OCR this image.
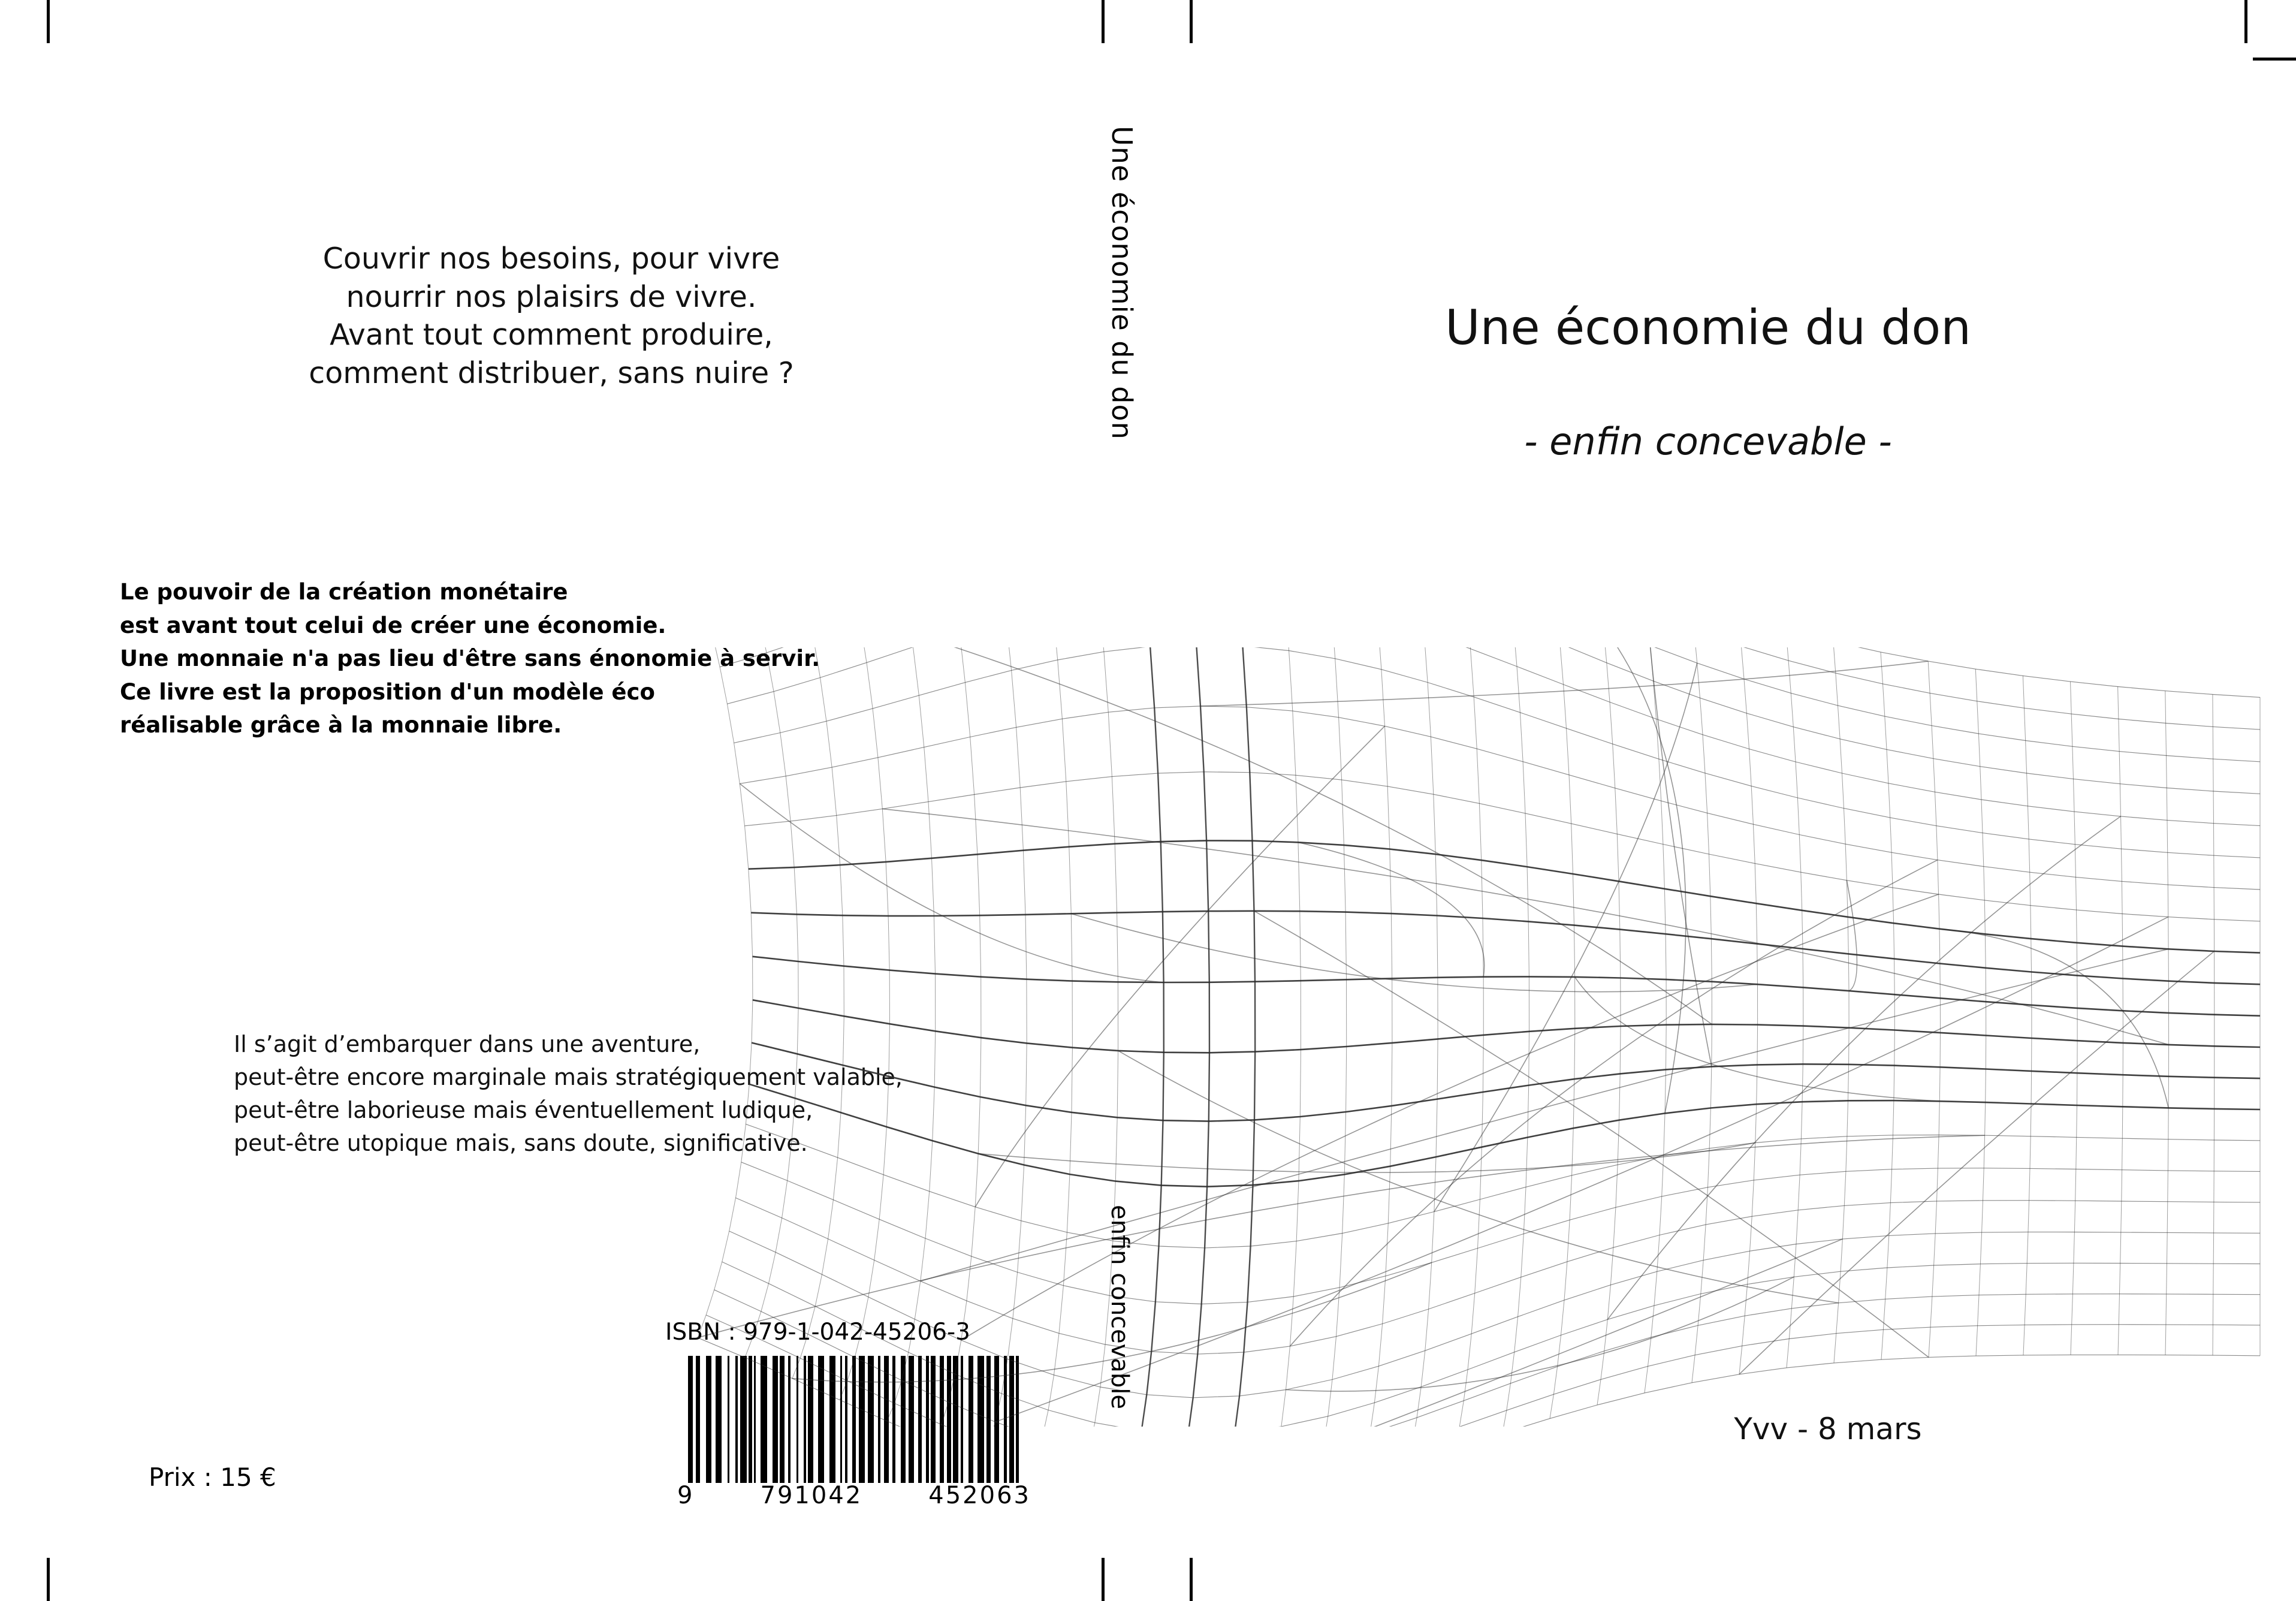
Couvrir nos besoins, pour vivre
nourrir nos plaisirs de vivre.
Avant tout comment produire,
comment distribuer, sans nuire ?
Le pouvoir de la création monétaire
est avant tout celui de créer une économie.
Une monnaie n'a pas lieu d'être sans énonomie à servir.
Ce livre est la proposition d'un modèle éco
réalisable grâce à la monnaie libre.
Il s’agit d’embarquer dans une aventure,
peut-être encore marginale mais stratégiquement valable,
peut-être laborieuse mais éventuellement ludique,
peut-être utopique mais, sans doute, significative.
Prix : 15 €
ISBN : 979-1-042-45206-3
9	791042	452063
Une économie du don
enfin concevable
Une économie du don
- enfin concevable -
Yvv - 8 mars
